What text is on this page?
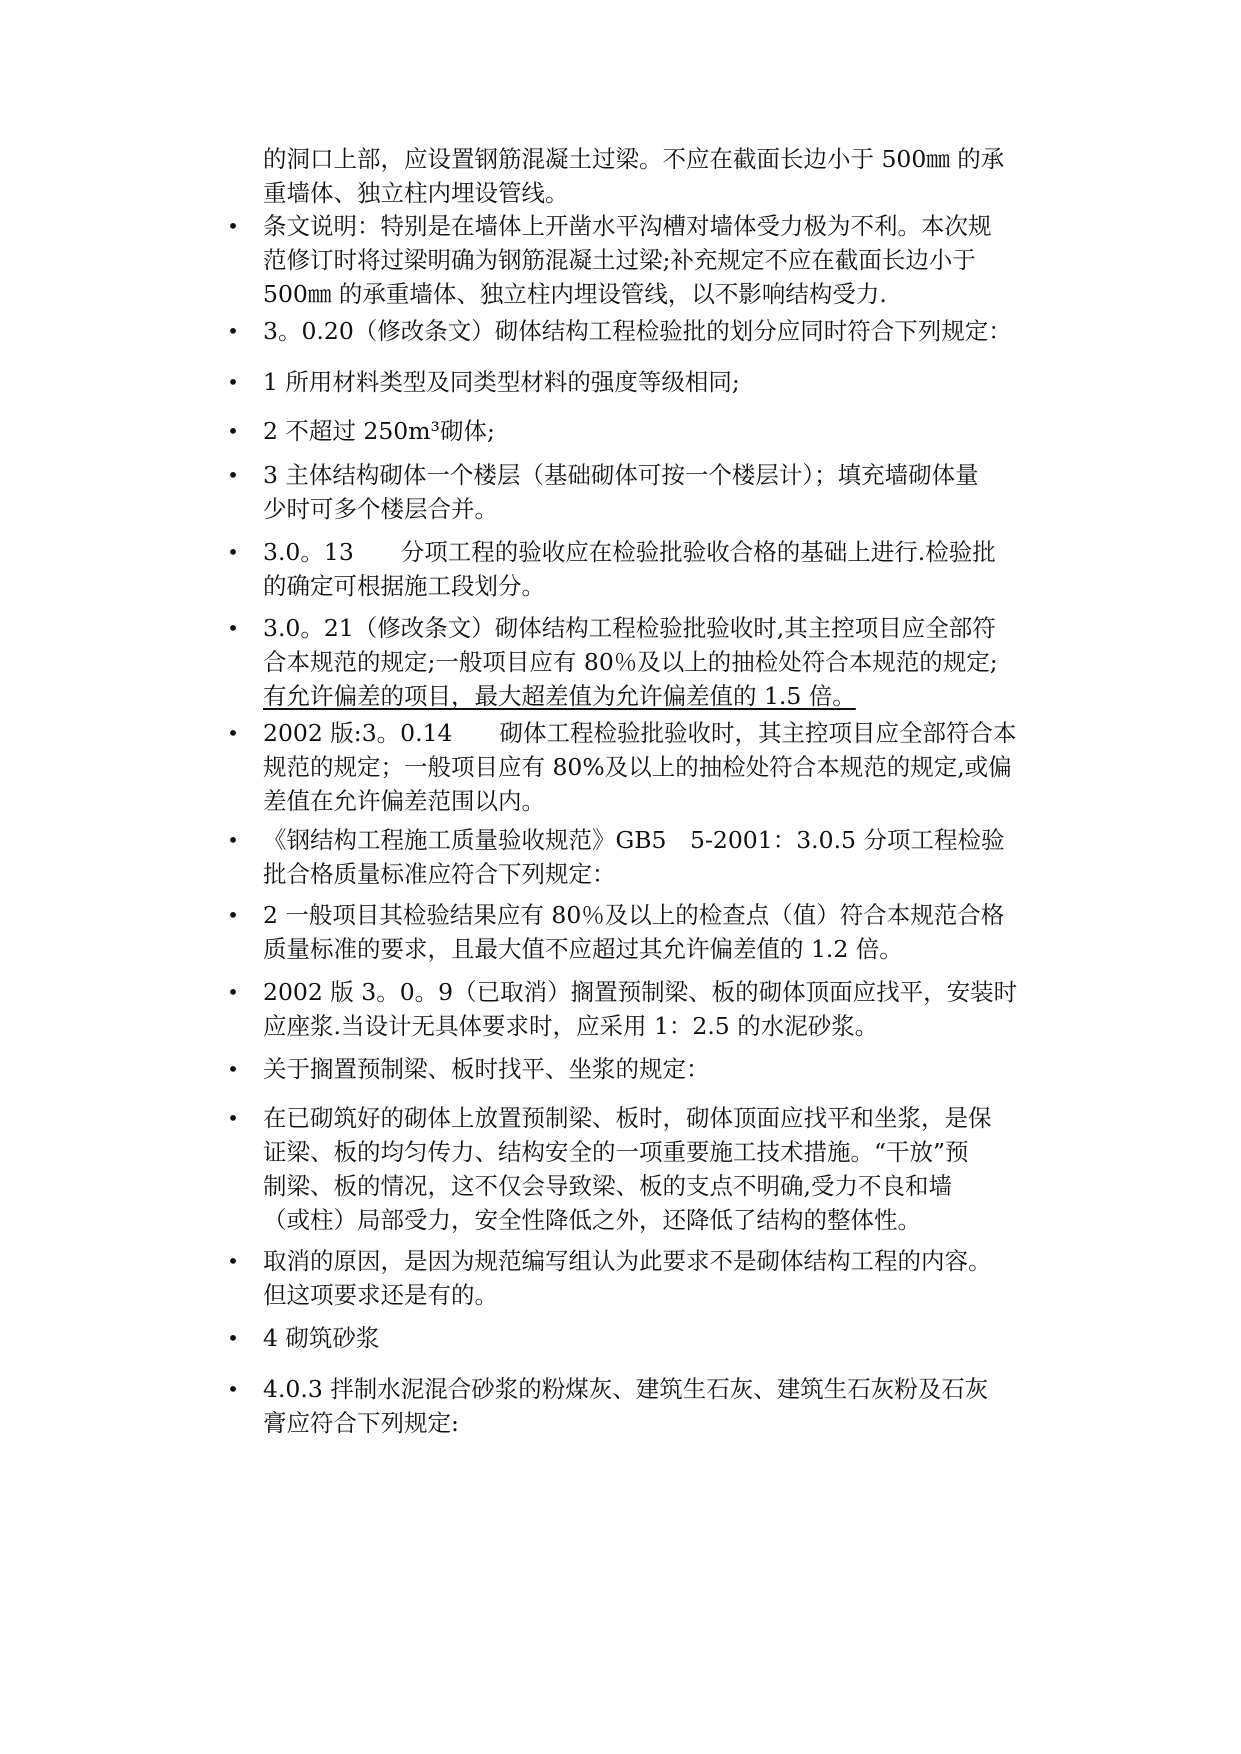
的洞口上部，应设置钢筋混凝土过梁。不应在截面长边小于 500㎜ 的承
重墙体、独立柱内埋设管线。
• 条文说明：特别是在墙体上开凿水平沟槽对墙体受力极为不利。本次规
范修订时将过梁明确为钢筋混凝土过梁;补充规定不应在截面长边小于
500㎜ 的承重墙体、独立柱内埋设管线，以不影响结构受力.
• 3。0.20（修改条文）砌体结构工程检验批的划分应同时符合下列规定：
• 1 所用材料类型及同类型材料的强度等级相同;
• 2 不超过 250m³砌体;
• 3 主体结构砌体一个楼层（基础砌体可按一个楼层计）；填充墙砌体量
少时可多个楼层合并。
• 3.0。13　　分项工程的验收应在检验批验收合格的基础上进行.检验批
的确定可根据施工段划分。
• 3.0。21（修改条文）砌体结构工程检验批验收时,其主控项目应全部符
合本规范的规定;一般项目应有 80％及以上的抽检处符合本规范的规定;
有允许偏差的项目，最大超差值为允许偏差值的 1.5 倍。
• 2002 版:3。0.14　　砌体工程检验批验收时，其主控项目应全部符合本
规范的规定；一般项目应有 80%及以上的抽检处符合本规范的规定,或偏
差值在允许偏差范围以内。
• 《钢结构工程施工质量验收规范》GB5　5-2001：3.0.5 分项工程检验
批合格质量标准应符合下列规定：
• 2 一般项目其检验结果应有 80％及以上的检查点（值）符合本规范合格
质量标准的要求，且最大值不应超过其允许偏差值的 1.2 倍。
• 2002 版 3。0。9（已取消）搁置预制梁、板的砌体顶面应找平，安装时
应座浆.当设计无具体要求时，应采用 1：2.5 的水泥砂浆。
• 关于搁置预制梁、板时找平、坐浆的规定：
• 在已砌筑好的砌体上放置预制梁、板时，砌体顶面应找平和坐浆，是保
证梁、板的均匀传力、结构安全的一项重要施工技术措施。“干放”预
制梁、板的情况，这不仅会导致梁、板的支点不明确,受力不良和墙
（或柱）局部受力，安全性降低之外，还降低了结构的整体性。
• 取消的原因，是因为规范编写组认为此要求不是砌体结构工程的内容。
但这项要求还是有的。
• 4 砌筑砂浆
• 4.0.3 拌制水泥混合砂浆的粉煤灰、建筑生石灰、建筑生石灰粉及石灰
膏应符合下列规定:
